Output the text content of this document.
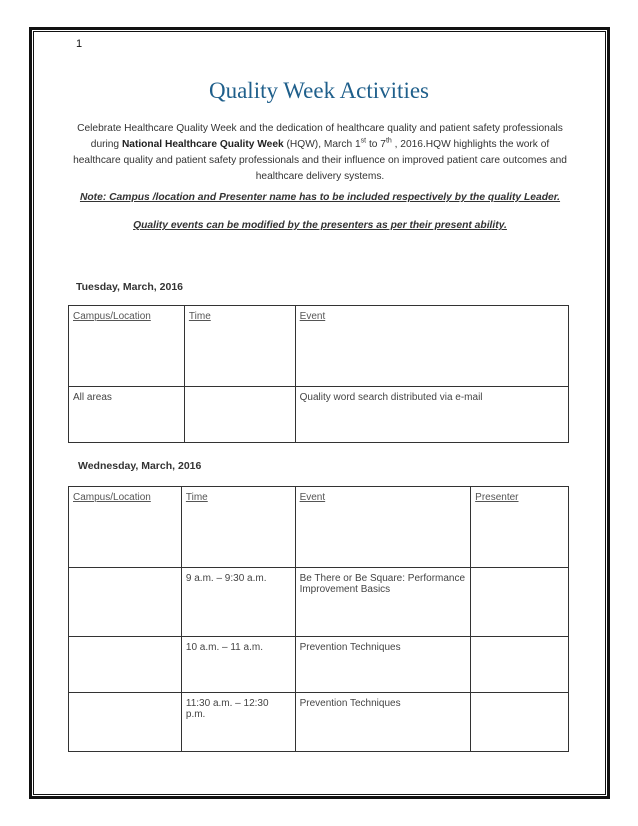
1
Quality Week Activities
Celebrate Healthcare Quality Week and the dedication of healthcare quality and patient safety professionals during National Healthcare Quality Week (HQW), March 1st to 7th , 2016.HQW highlights the work of healthcare quality and patient safety professionals and their influence on improved patient care outcomes and healthcare delivery systems.
Note: Campus /location and Presenter name has to be included respectively by the quality Leader.
Quality events can be modified by the presenters as per their present ability.
Tuesday, March, 2016
Campus/Location	Time	Event
All areas		Quality word search distributed via e-mail
Wednesday, March, 2016
Campus/Location	Time	Event	Presenter
	9 a.m. – 9:30 a.m.	Be There or Be Square: Performance Improvement Basics	
	10 a.m. – 11 a.m.	Prevention Techniques	
	11:30 a.m. – 12:30 p.m.	Prevention Techniques	
